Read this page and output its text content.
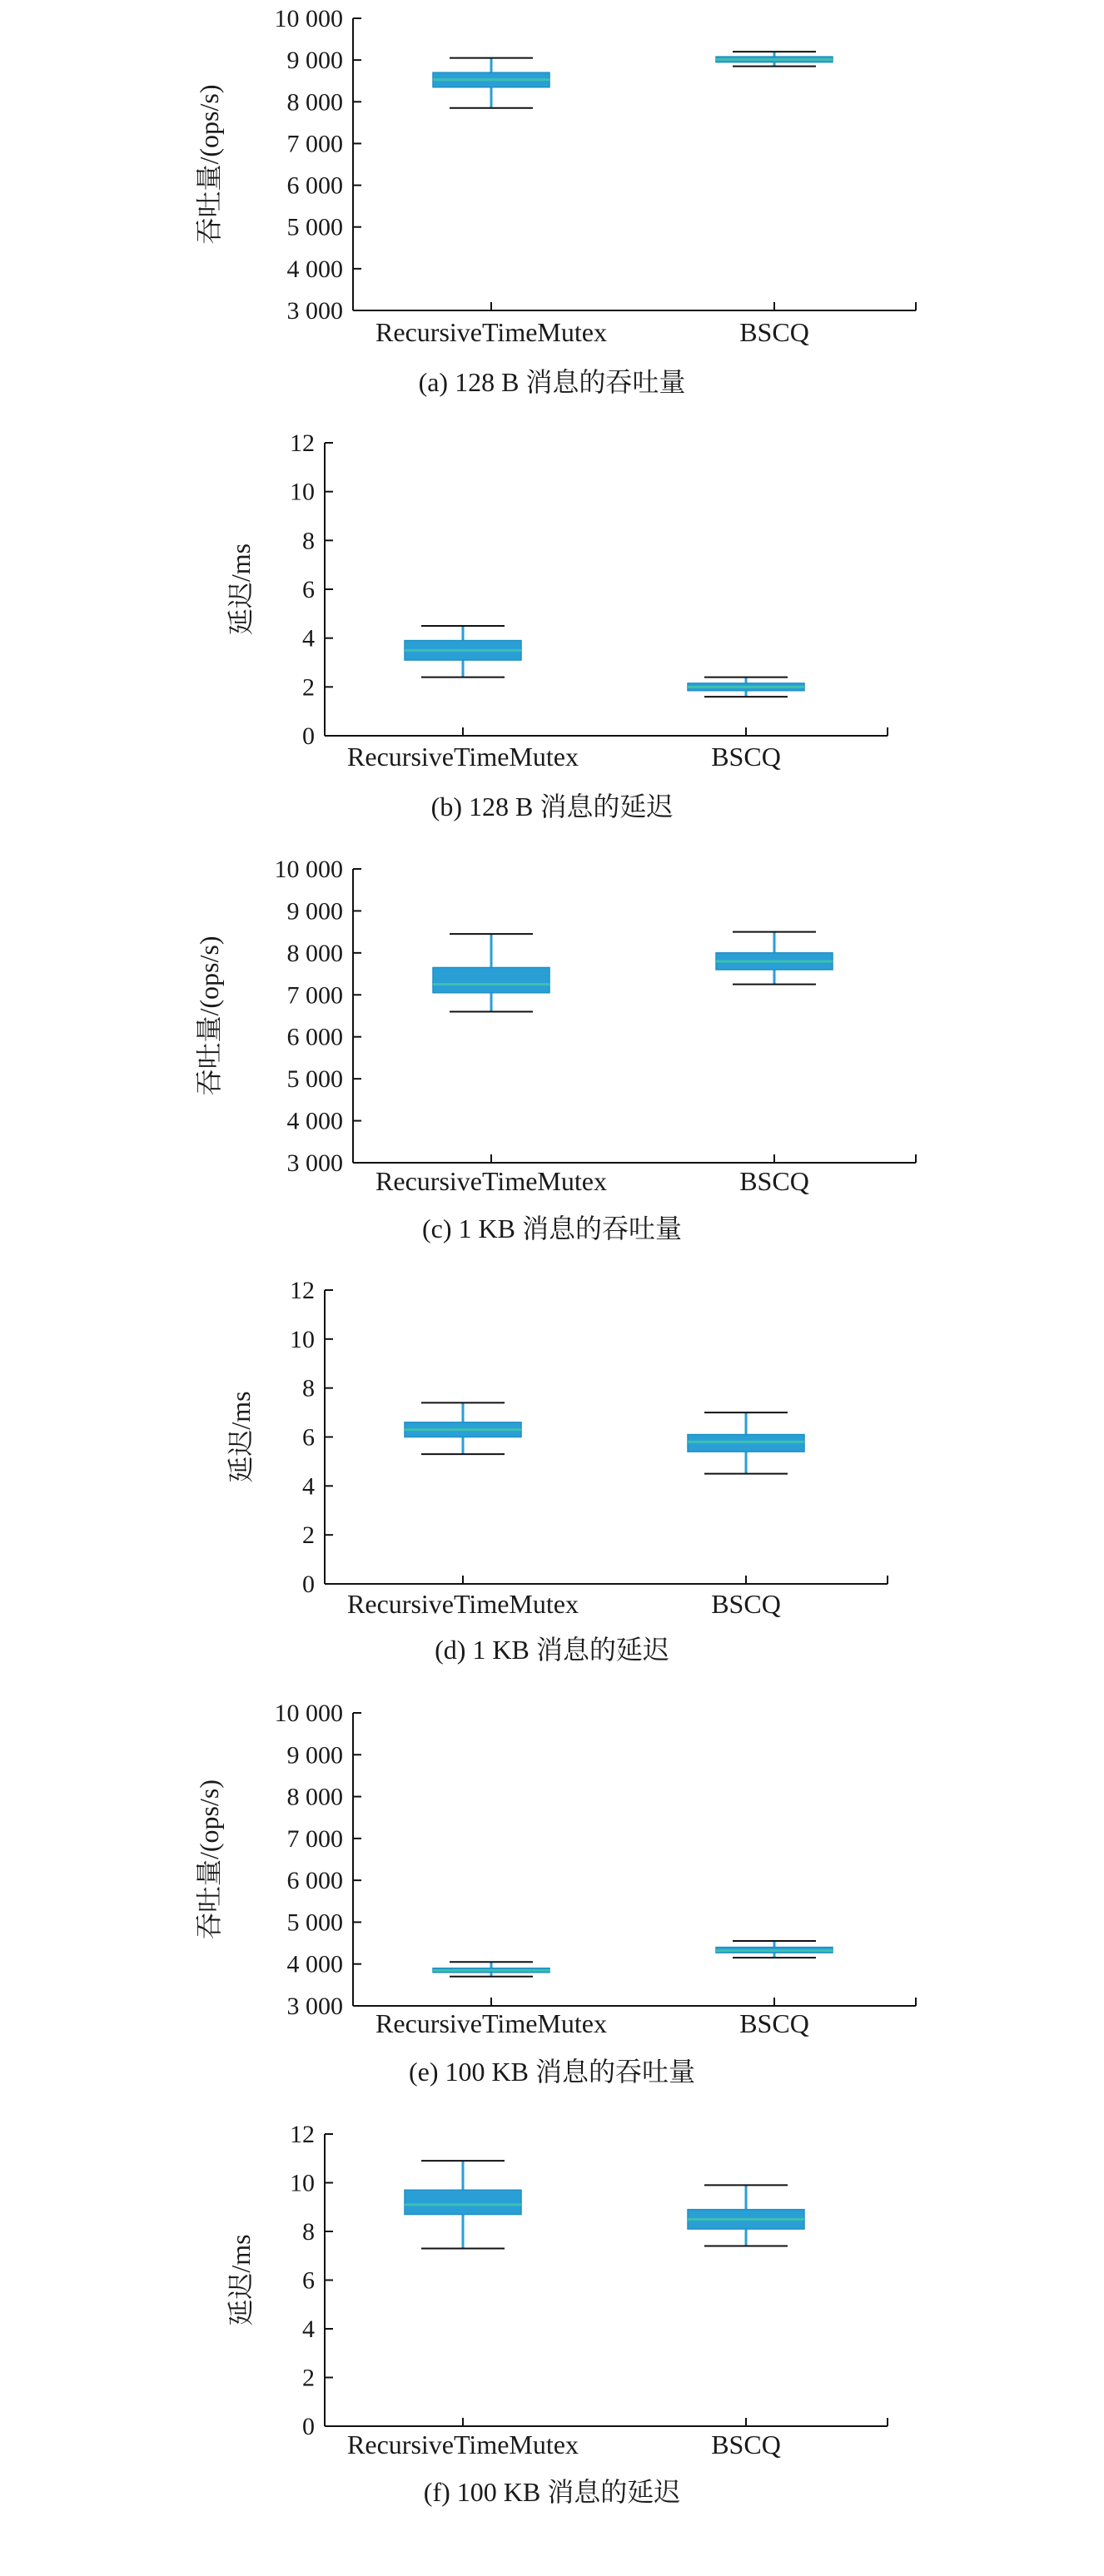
3 000
4 000
5 000
6 000
7 000
8 000
9 000
10 000
RecursiveTimeMutex	BSCQ
吞吐量/(ops/s)
(a) 128 B 消息的吞吐量
0
2
4
6
8
10
12
RecursiveTimeMutex	BSCQ
延迟/ms
(b) 128 B 消息的延迟
3 000
4 000
5 000
6 000
7 000
8 000
9 000
10 000
RecursiveTimeMutex	BSCQ
吞吐量/(ops/s)
(c) 1 KB 消息的吞吐量
0
2
4
6
8
10
12
RecursiveTimeMutex	BSCQ
延迟/ms
(d) 1 KB 消息的延迟
3 000
4 000
5 000
6 000
7 000
8 000
9 000
10 000
RecursiveTimeMutex	BSCQ
吞吐量/(ops/s)
(e) 100 KB 消息的吞吐量
0
2
4
6
8
10
12
RecursiveTimeMutex	BSCQ
延迟/ms
(f) 100 KB 消息的延迟
